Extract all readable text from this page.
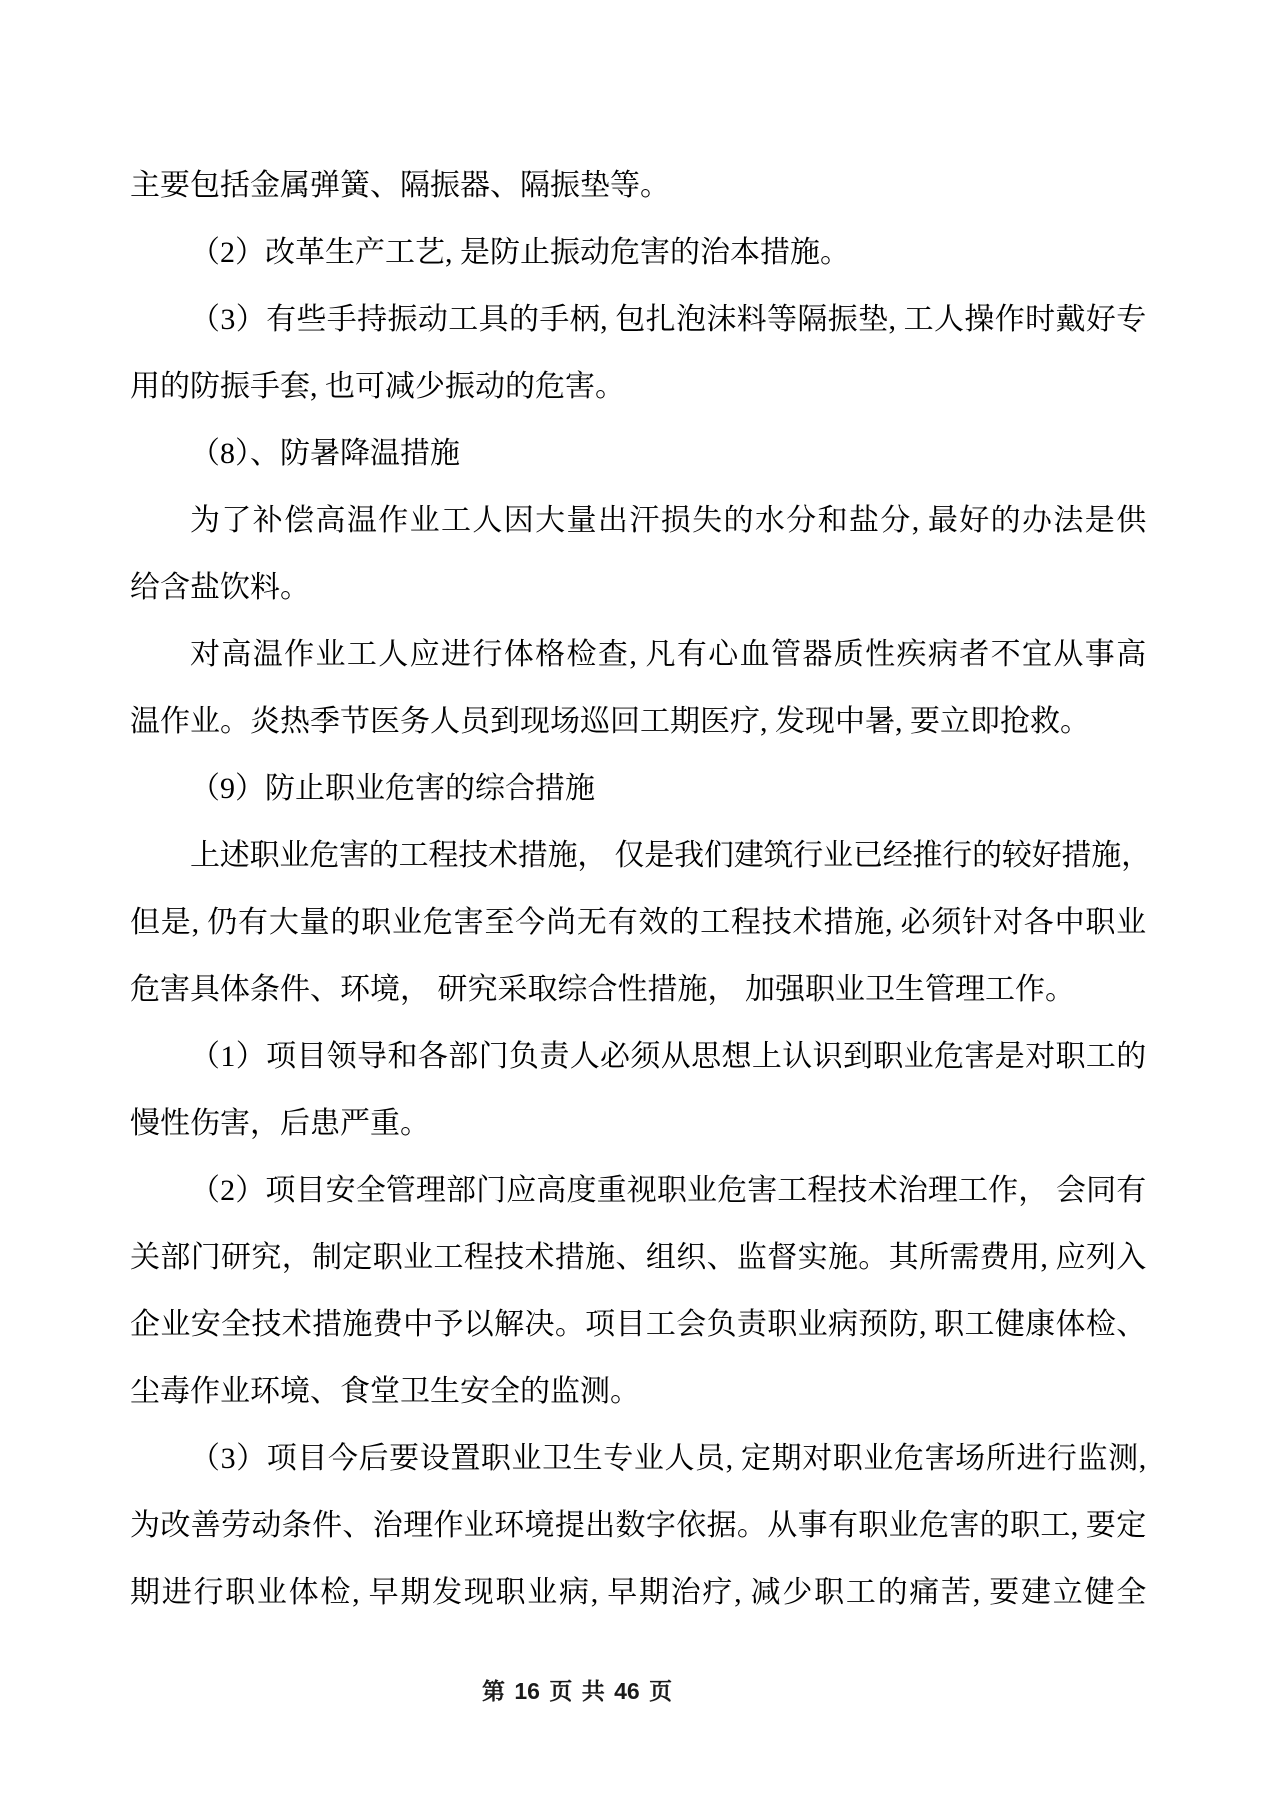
主要包括金属弹簧、隔振器、隔振垫等。
（2）改革生产工艺, 是防止振动危害的治本措施。
（3）有些手持振动工具的手柄, 包扎泡沫料等隔振垫, 工人操作时戴好专
用的防振手套, 也可减少振动的危害。
（8）、防暑降温措施
为了补偿高温作业工人因大量出汗损失的水分和盐分, 最好的办法是供
给含盐饮料。
对高温作业工人应进行体格检查, 凡有心血管器质性疾病者不宜从事高
温作业。炎热季节医务人员到现场巡回工期医疗, 发现中暑, 要立即抢救。
（9）防止职业危害的综合措施
上述职业危害的工程技术措施， 仅是我们建筑行业已经推行的较好措施，
但是, 仍有大量的职业危害至今尚无有效的工程技术措施, 必须针对各中职业
危害具体条件、环境， 研究采取综合性措施， 加强职业卫生管理工作。
（1）项目领导和各部门负责人必须从思想上认识到职业危害是对职工的
慢性伤害，后患严重。
（2）项目安全管理部门应高度重视职业危害工程技术治理工作， 会同有
关部门研究，制定职业工程技术措施、组织、监督实施。其所需费用, 应列入
企业安全技术措施费中予以解决。项目工会负责职业病预防, 职工健康体检、
尘毒作业环境、食堂卫生安全的监测。
（3）项目今后要设置职业卫生专业人员, 定期对职业危害场所进行监测,
为改善劳动条件、治理作业环境提出数字依据。从事有职业危害的职工, 要定
期进行职业体检, 早期发现职业病, 早期治疗, 减少职工的痛苦, 要建立健全
第 16 页 共 46 页
